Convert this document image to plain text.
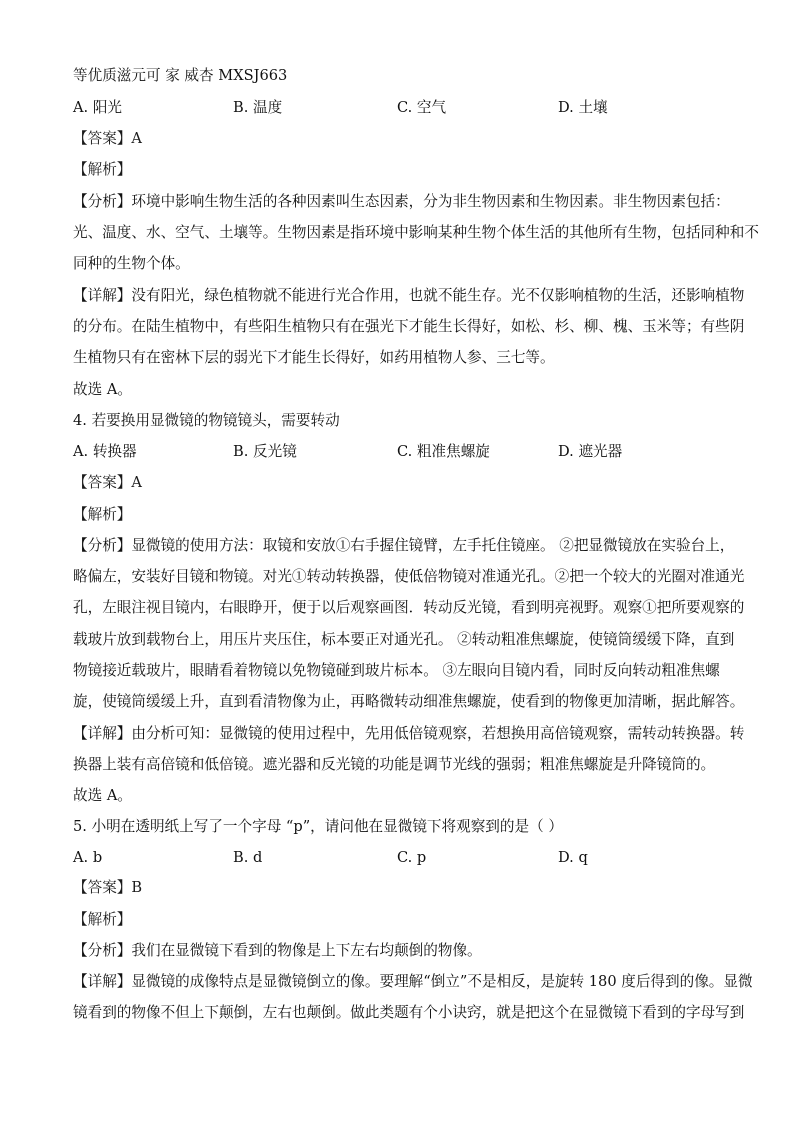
等优质滋元可 家 威杏 MXSJ663
A. 阳光	B. 温度	C. 空气	D. 土壤
【答案】A
【解析】
【分析】环境中影响生物生活的各种因素叫生态因素，分为非生物因素和生物因素。非生物因素包括：
光、温度、水、空气、土壤等。生物因素是指环境中影响某种生物个体生活的其他所有生物，包括同种和不
同种的生物个体。
【详解】没有阳光，绿色植物就不能进行光合作用，也就不能生存。光不仅影响植物的生活，还影响植物
的分布。在陆生植物中，有些阳生植物只有在强光下才能生长得好，如松、杉、柳、槐、玉米等；有些阴
生植物只有在密林下层的弱光下才能生长得好，如药用植物人参、三七等。
故选 A。
4. 若要换用显微镜的物镜镜头，需要转动
A. 转换器	B. 反光镜	C. 粗准焦螺旋	D. 遮光器
【答案】A
【解析】
【分析】显微镜的使用方法：取镜和安放①右手握住镜臂，左手托住镜座。 ②把显微镜放在实验台上，
略偏左，安装好目镜和物镜。对光①转动转换器，使低倍物镜对准通光孔。②把一个较大的光圈对准通光
孔，左眼注视目镜内，右眼睁开，便于以后观察画图．转动反光镜，看到明亮视野。观察①把所要观察的
载玻片放到载物台上，用压片夹压住，标本要正对通光孔。 ②转动粗准焦螺旋，使镜筒缓缓下降，直到
物镜接近载玻片，眼睛看着物镜以免物镜碰到玻片标本。 ③左眼向目镜内看，同时反向转动粗准焦螺
旋，使镜筒缓缓上升，直到看清物像为止，再略微转动细准焦螺旋，使看到的物像更加清晰，据此解答。
【详解】由分析可知：显微镜的使用过程中，先用低倍镜观察，若想换用高倍镜观察，需转动转换器。转
换器上装有高倍镜和低倍镜。遮光器和反光镜的功能是调节光线的强弱；粗准焦螺旋是升降镜筒的。
故选 A。
5. 小明在透明纸上写了一个字母 “p”，请问他在显微镜下将观察到的是（ ）
A. b	B. d	C. p	D. q
【答案】B
【解析】
【分析】我们在显微镜下看到的物像是上下左右均颠倒的物像。
【详解】显微镜的成像特点是显微镜倒立的像。要理解“倒立”不是相反，是旋转 180 度后得到的像。显微
镜看到的物像不但上下颠倒，左右也颠倒。做此类题有个小诀窍，就是把这个在显微镜下看到的字母写到
